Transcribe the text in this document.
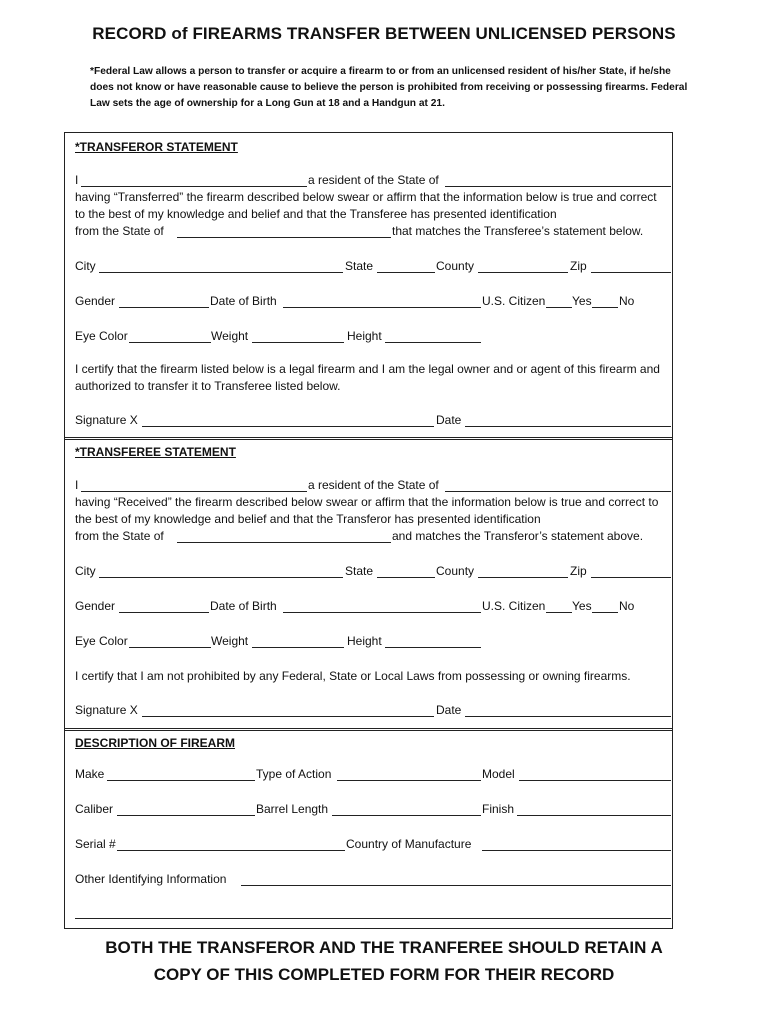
RECORD of FIREARMS TRANSFER BETWEEN UNLICENSED PERSONS
*Federal Law allows a person to transfer or acquire a firearm to or from an unlicensed resident of his/her State, if he/she does not know or have reasonable cause to believe the person is prohibited from receiving or possessing firearms. Federal Law sets the age of ownership for a Long Gun at 18 and a Handgun at 21.
*TRANSFEROR STATEMENT
I	a resident of the State of
having “Transferred” the firearm described below swear or affirm that the information below is true and correct to the best of my knowledge and belief and that the Transferee has presented identification
from the State of	that matches the Transferee’s statement below.
City	State	County	Zip
Gender	Date of Birth	U.S. Citizen Yes No
Eye Color	Weight	Height
I certify that the firearm listed below is a legal firearm and I am the legal owner and or agent of this firearm and authorized to transfer it to Transferee listed below.
Signature X	Date
*TRANSFEREE STATEMENT
I	a resident of the State of
having “Received” the firearm described below swear or affirm that the information below is true and correct to the best of my knowledge and belief and that the Transferor has presented identification
from the State of	and matches the Transferor’s statement above.
City	State	County	Zip
Gender	Date of Birth	U.S. Citizen Yes No
Eye Color	Weight	Height
I certify that I am not prohibited by any Federal, State or Local Laws from possessing or owning firearms.
Signature X	Date
DESCRIPTION OF FIREARM
Make	Type of Action	Model
Caliber	Barrel Length	Finish
Serial #	Country of Manufacture
Other Identifying Information
BOTH THE TRANSFEROR AND THE TRANFEREE SHOULD RETAIN A
COPY OF THIS COMPLETED FORM FOR THEIR RECORD
